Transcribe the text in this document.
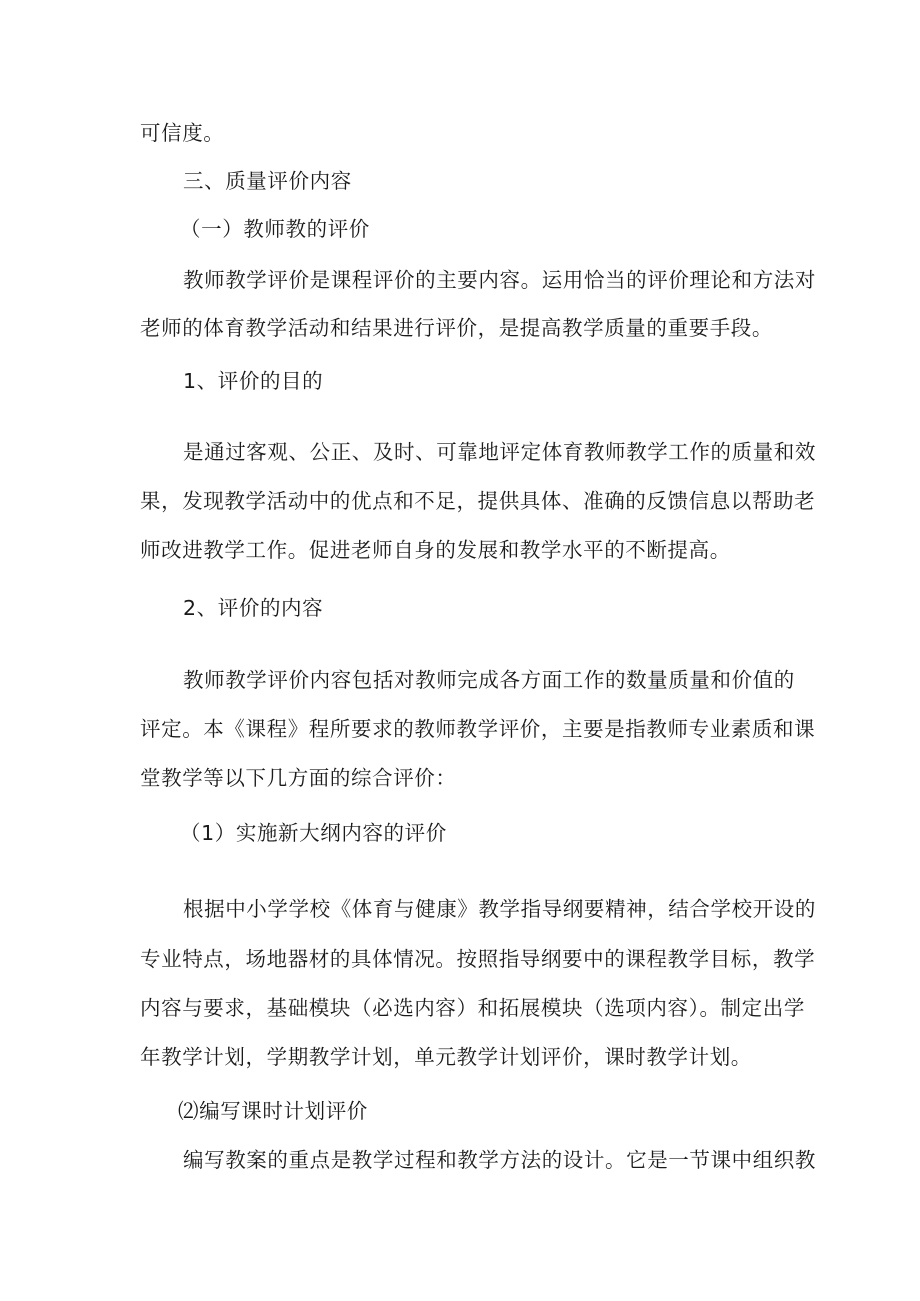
可信度。
三、质量评价内容
（一）教师教的评价
教师教学评价是课程评价的主要内容。运用恰当的评价理论和方法对
老师的体育教学活动和结果进行评价，是提高教学质量的重要手段。
1、评价的目的
是通过客观、公正、及时、可靠地评定体育教师教学工作的质量和效
果，发现教学活动中的优点和不足，提供具体、准确的反馈信息以帮助老
师改进教学工作。促进老师自身的发展和教学水平的不断提高。
2、评价的内容
教师教学评价内容包括对教师完成各方面工作的数量质量和价值的
评定。本《课程》程所要求的教师教学评价，主要是指教师专业素质和课
堂教学等以下几方面的综合评价：
（1）实施新大纲内容的评价
根据中小学学校《体育与健康》教学指导纲要精神，结合学校开设的
专业特点，场地器材的具体情况。按照指导纲要中的课程教学目标，教学
内容与要求，基础模块（必选内容）和拓展模块（选项内容）。制定出学
年教学计划，学期教学计划，单元教学计划评价，课时教学计划。
⑵编写课时计划评价
编写教案的重点是教学过程和教学方法的设计。它是一节课中组织教
